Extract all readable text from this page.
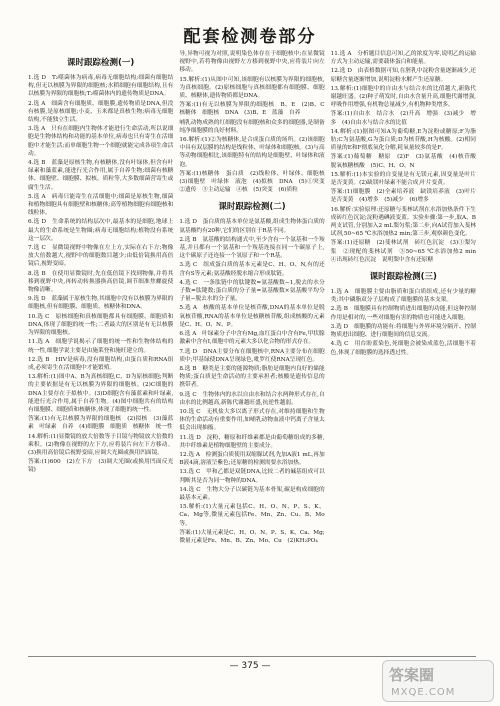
配套检测卷部分
课时跟踪检测(一)
1.选 D　T₂噬菌体为病毒,病毒无细胞结构;细菌有细胞结构,但无以核膜为界限的细胞核;水稻细胞有细胞结构,且有以核膜为界限的细胞核;T₂噬菌体内的遗传物质是DNA。
2.选 A　细菌含有细胞质、细胞膜,遗传物质是DNA,但没有核膜,是原核细胞;小麦、玉米都是真核生物;病毒无细胞结构,不能独立生活。
3.选 A　只有在细胞内生物体才能进行生命活动,所以说细胞是生物体结构和功能的基本单位,病毒也只有寄生在活细胞中才能生活;而单细胞生物一个细胞就能完成各项生命活动。
4.选 B　蓝藻是原核生物,有核糖体,没有叶绿体,但含有叶绿素和藻蓝素,能进行光合作用,属于自养生物;细菌有核糖体、细胞壁、细胞膜、拟核、质粒等,大多数细菌营寄生或腐生生活。
5.选 A　病毒只能寄生在活细胞中;细菌是原核生物,细菌和植物细胞具有细胞壁和核糖体;高等植物细胞有细胞核和线粒体。
6.选 D　生命系统的结构层次中,最基本的是细胞,地球上最大的生命系统是生物圈;病毒无细胞结构;植物没有系统这一层次。
7.选 C　显微镜视野中物像在左上方,实际在右下方;物像放大倍数越大,视野中的细胞数目越少;由低倍镜换用高倍镜后,视野变暗。
8.选 B　在使用显微镜时,先在低倍镜下找到物像,并将其移到视野中央,再转动转换器换高倍镜,调节细准焦螺旋使物像清晰。
9.选 D　蓝藻属于原核生物,其细胞中没有以核膜为界限的细胞核,但有细胞膜、细胞质、核糖体和DNA。
10.选 C　原核细胞和真核细胞都具有细胞膜、细胞质和DNA,体现了细胞的统一性;二者最大的区别是有无以核膜为界限的细胞核。
11.选 A　细胞学说揭示了细胞的统一性和生物体结构的统一性,细胞学说主要是由施莱登和施旺建立的。
12.选 B　HIV是病毒,没有细胞结构,由蛋白质和RNA组成,必须寄生在活细胞中才能繁殖。
13.解析:(1)图中A、B为真核细胞,C、D为原核细胞;判断的主要依据是有无以核膜为界限的细胞核。(2)C细胞的DNA主要存在于拟核中。(3)D细胞含有藻蓝素和叶绿素,能进行光合作用,属于自养生物。(4)图中细胞共有的结构有细胞膜、细胞质和核糖体,体现了细胞的统一性。
答案:(1)有无以核膜为界限的细胞核　(2)拟核　(3)藻蓝素　叶绿素　自养　(4)细胞膜　细胞质　核糖体　统一性
14.解析:(1)显微镜的放大倍数等于目镜与物镜放大倍数的乘积。(2)物像在视野的左下方,应将装片向左下方移动。(3)换用高倍镜后视野变暗,应调大光圈或换用凹面镜。
答案:(1)600　(2)左下方　(3)调大光圈(或换用凹面反光镜)
导,异物可视为对照,说明染色体存在于细胞核中;在显微镜视野中,若将物像由视野左方移到视野中央,应将装片向左移动。
15.解析:(1)从图中可知,该细胞有以核膜为界限的细胞核,为真核细胞。(2)原核细胞与真核细胞都有细胞膜、细胞质、核糖体,遗传物质都是DNA。
答案:(1)有无以核膜为界限的细胞核　B、E　(2)B、C　核糖体　细胞核　DNA　(3)B、E　蓝藻　自养
哺乳动物成熟的红细胞没有细胞核和众多的细胞器,是制备纯净细胞膜的良好材料。
16.解析:(1)②为核糖体,是合成蛋白质的场所。(2)该细胞中具有双层膜的结构是线粒体、叶绿体和细胞核。(3)与高等动物细胞相比,该细胞特有的结构是细胞壁、叶绿体和液泡。
答案:(1)核糖体　蛋白质　(2)线粒体、叶绿体、细胞核　(3)细胞壁　叶绿体　液泡　(4)拟核　DNA　(5)①突变　②遗传　③主动运输　④核　(5)突变　(6)质粒
课时跟踪检测(二)
1.选 D　蛋白质的基本单位是氨基酸,组成生物体蛋白质的氨基酸约有20种,它们的区别在于R基不同。
2.选 B　氨基酸的结构通式中,至少含有一个氨基和一个羧基,并且都有一个氨基和一个羧基连接在同一个碳原子上,这个碳原子还连接一个氢原子和一个R基。
3.选 C　组成蛋白质的基本元素是C、H、O、N,有的还含有S等元素;氨基酸经脱水缩合形成肽链。
4.选 C　一条肽链中的肽键数=氨基酸数−1,脱去的水分子数=肽键数;蛋白质的分子量=氨基酸数×氨基酸平均分子量−脱去水的分子量。
5.选 A　核酸的基本单位是核苷酸,DNA的基本单位是脱氧核苷酸,RNA的基本单位是核糖核苷酸,组成核酸的元素是C、H、O、N、P。
6.选 A　叶绿素分子中含有Mg,血红蛋白中含有Fe,甲状腺激素中含有I,细胞中的元素大多以化合物的形式存在。
7.选 D　DNA主要分布在细胞核中,RNA主要分布在细胞质中;甲基绿使DNA呈现绿色,吡罗红使RNA呈现红色。
8.选 B　糖类是主要的能源物质;脂肪是细胞内良好的储能物质;蛋白质是生命活动的主要承担者;核酸是遗传信息的携带者。
9.选 C　生物体内的水以自由水和结合水两种形式存在,自由水的比例越高,新陈代谢越旺盛,抗逆性越弱。
10.选 C　无机盐大多以离子形式存在,对维持细胞和生物体的生命活动有重要作用,如哺乳动物血液中钙离子含量太低会出现抽搐。
11.选 D　淀粉、糖原和纤维素都是由葡萄糖组成的多糖,其中纤维素是植物细胞壁的主要成分。
12.选 A　检测蛋白质使用双缩脲试剂,先加A液1 mL,再加B液4滴,溶液呈紫色;还原糖的检测需要水浴加热。
13.选 C　甲和乙都是双链DNA,比较二者的碱基组成可以判断其是否为同一物种的DNA。
14.选 C　生物大分子以碳链为基本骨架,碳是构成细胞的最基本元素。
15.解析:(1)大量元素包括C、H、O、N、P、S、K、Ca、Mg等,微量元素包括Fe、Mn、Zn、Cu、B、Mo等。
答案:(1)大量元素是C、H、O、N、P、S、K、Ca、Mg;微量元素是Fe、Mn、B、Zn、Mo、Cu　(2)KH₂PO₄
11.选 A　分析题目信息可知,乙的浓度为零,说明乙的运输方式为主动运输,需要载体蛋白和能量。
12.选 D　由表格数据可知,在胚乳中淀粉含量逐渐减少,还原糖含量逐渐增加,说明淀粉水解产生还原糖。
13.解析:(1)细胞中的自由水与结合水的比值越大,新陈代谢越旺盛。(2)种子萌发时,自由水含量升高,细胞代谢增强,呼吸作用增强,有机物总量减少,有机物种类增多。
答案:(1)自由水　结合水　(2)升高　增强　(3)减少　增多　(4)自由水与结合水的比值
14.解析:(1)据图可知A为葡萄糖,E为淀粉或糖原;F为脂肪;C为氨基酸,G为蛋白质;D为核苷酸,H为核酸。(2)相同质量的E和F彻底氧化分解,耗氧量较多的是F。
答案:(1)葡萄糖　糖原　(2)F　(3)氨基酸　(4)核苷酸　脱氧核糖核酸　(5)C、H、O、N
15.解析:(1)本实验的自变量是有无镁元素,因变量是叶片是否变黄。(2)缺镁叶绿素不能合成,叶片变黄。
答案:(1)细胞膜　(2)全素培养液　缺镁培养液　(3)叶片是否变黄　(4)增多　(5)减少　(6)增多
16.解析:实验原理:还原糖与斐林试剂在水浴加热条件下生成砖红色沉淀;淀粉遇碘液变蓝。实验步骤:第一步,取A、B两支试管,分别加入2 mL梨匀浆;第二步,向A试管加入斐林试剂,50~65 ℃水浴加热2 min;第三步,观察颜色变化。
答案:(1)还原糖　(2)斐林试剂　砖红色沉淀　(3)①梨匀浆　②现配的斐林试剂　③50~65 ℃水浴加热2 min　④出现砖红色沉淀　说明梨中含有还原糖
课时跟踪检测(三)
1.选 A　细胞膜主要由脂质和蛋白质组成,还有少量的糖类;其中磷脂双分子层构成了细胞膜的基本支架。
2.选 B　细胞膜具有控制物质进出细胞的功能,但这种控制作用是相对的,一些对细胞有害的物质也可能进入细胞。
3.选 D　细胞膜的功能有:将细胞与外界环境分隔开、控制物质进出细胞、进行细胞间的信息交流。
4.选 C　用台盼蓝染色,死细胞会被染成蓝色,活细胞不着色,体现了细胞膜的选择透过性。
— 375 —	答案圈
MXQE.COM
